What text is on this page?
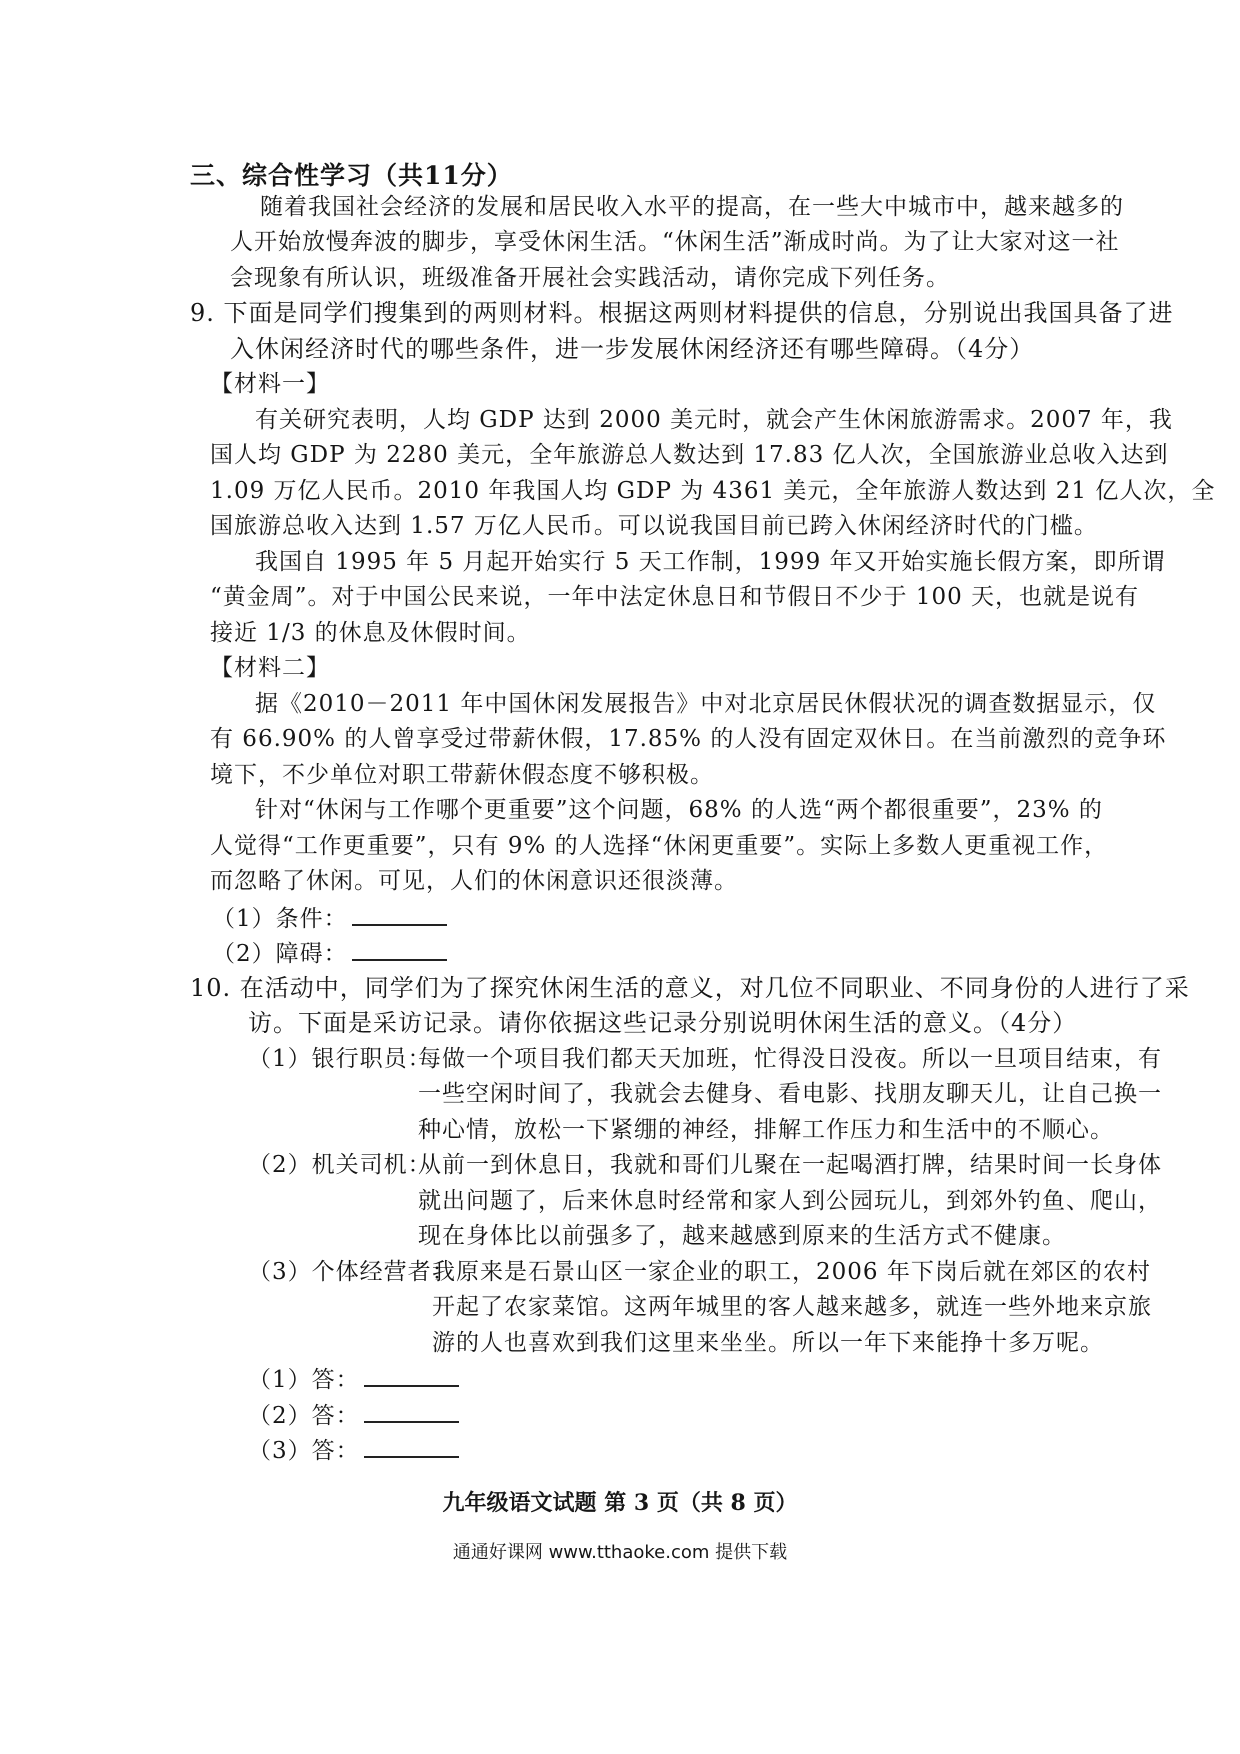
三、综合性学习（共11分）
随着我国社会经济的发展和居民收入水平的提高，在一些大中城市中，越来越多的
人开始放慢奔波的脚步，享受休闲生活。“休闲生活”渐成时尚。为了让大家对这一社
会现象有所认识，班级准备开展社会实践活动，请你完成下列任务。
9. 下面是同学们搜集到的两则材料。根据这两则材料提供的信息，分别说出我国具备了进
入休闲经济时代的哪些条件，进一步发展休闲经济还有哪些障碍。（4分）
【材料一】
有关研究表明，人均 GDP 达到 2000 美元时，就会产生休闲旅游需求。2007 年，我
国人均 GDP 为 2280 美元，全年旅游总人数达到 17.83 亿人次，全国旅游业总收入达到
1.09 万亿人民币。2010 年我国人均 GDP 为 4361 美元，全年旅游人数达到 21 亿人次，全
国旅游总收入达到 1.57 万亿人民币。可以说我国目前已跨入休闲经济时代的门槛。
我国自 1995 年 5 月起开始实行 5 天工作制，1999 年又开始实施长假方案，即所谓
“黄金周”。对于中国公民来说，一年中法定休息日和节假日不少于 100 天，也就是说有
接近 1/3 的休息及休假时间。
【材料二】
据《2010－2011 年中国休闲发展报告》中对北京居民休假状况的调查数据显示，仅
有 66.90% 的人曾享受过带薪休假，17.85% 的人没有固定双休日。在当前激烈的竞争环
境下，不少单位对职工带薪休假态度不够积极。
针对“休闲与工作哪个更重要”这个问题，68% 的人选“两个都很重要”，23% 的
人觉得“工作更重要”，只有 9% 的人选择“休闲更重要”。实际上多数人更重视工作，
而忽略了休闲。可见，人们的休闲意识还很淡薄。
（1）条件：
（2）障碍：
10. 在活动中，同学们为了探究休闲生活的意义，对几位不同职业、不同身份的人进行了采
访。下面是采访记录。请你依据这些记录分别说明休闲生活的意义。（4分）
（1）银行职员：
每做一个项目我们都天天加班，忙得没日没夜。所以一旦项目结束，有
一些空闲时间了，我就会去健身、看电影、找朋友聊天儿，让自己换一
种心情，放松一下紧绷的神经，排解工作压力和生活中的不顺心。
（2）机关司机：
从前一到休息日，我就和哥们儿聚在一起喝酒打牌，结果时间一长身体
就出问题了，后来休息时经常和家人到公园玩儿，到郊外钓鱼、爬山，
现在身体比以前强多了，越来越感到原来的生活方式不健康。
（3）个体经营者：
我原来是石景山区一家企业的职工，2006 年下岗后就在郊区的农村
开起了农家菜馆。这两年城里的客人越来越多，就连一些外地来京旅
游的人也喜欢到我们这里来坐坐。所以一年下来能挣十多万呢。
（1）答：
（2）答：
（3）答：
九年级语文试题 第 3 页（共 8 页）
通通好课网 www.tthaoke.com 提供下载
